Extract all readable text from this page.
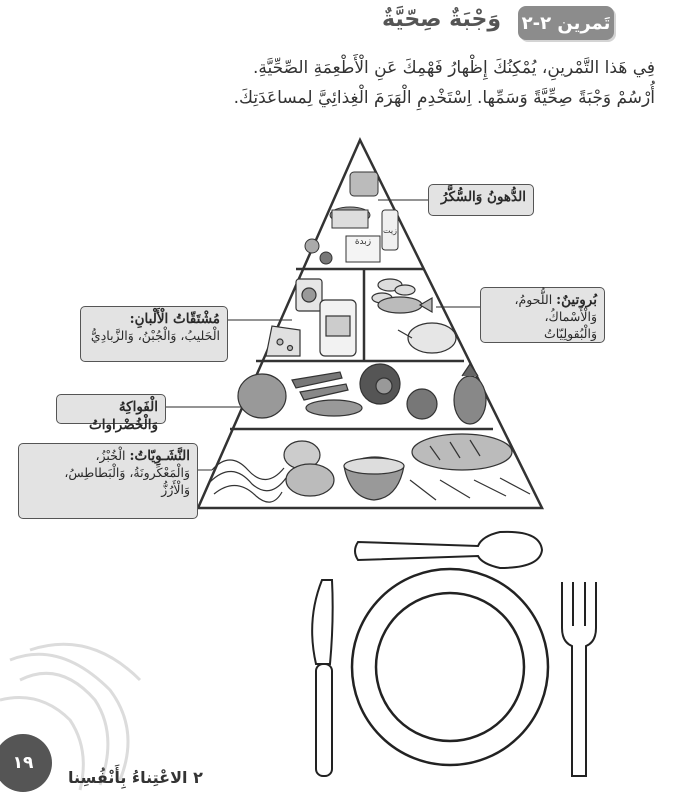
تَمرين ٢-٢
وَجْبَةٌ صِحّيَّةٌ
فِي هَذا التَّمْرينِ، يُمْكِنُكَ إِظْهارُ فَهْمِكَ عَنِ الْأَطْعِمَةِ الصِّحِّيَّةِ.
أُرْسُمْ وَجْبَةً صِحِّيَّةً وَسَمِّها. اِسْتَخْدِمِ الْهَرَمَ الْغِذائِيَّ لِمساعَدَتِكَ.
زبدة
زيت
الدُّهونُ وَالسُّكَّرُ
مُشْتَقّاتُ الْأَلْبانِ:
الْحَليبُ، وَالْجُبْنُ، وَالزَّبادِيُّ
بُروتينٌ: اللُّحومُ،
وَالْأَسْماكُ، وَالْبُقولِيّاتُ
الْفَواكِهُ وَالْخُضْراواتُ
النَّشَـوِيّاتُ: الْخُبْزُ،
وَالْمَعْكَرونَةُ، وَالْبَطاطِسُ،
وَالْأَرُزُّ
١٩
٢ الاعْتِناءُ بِأَنْفُسِنا
